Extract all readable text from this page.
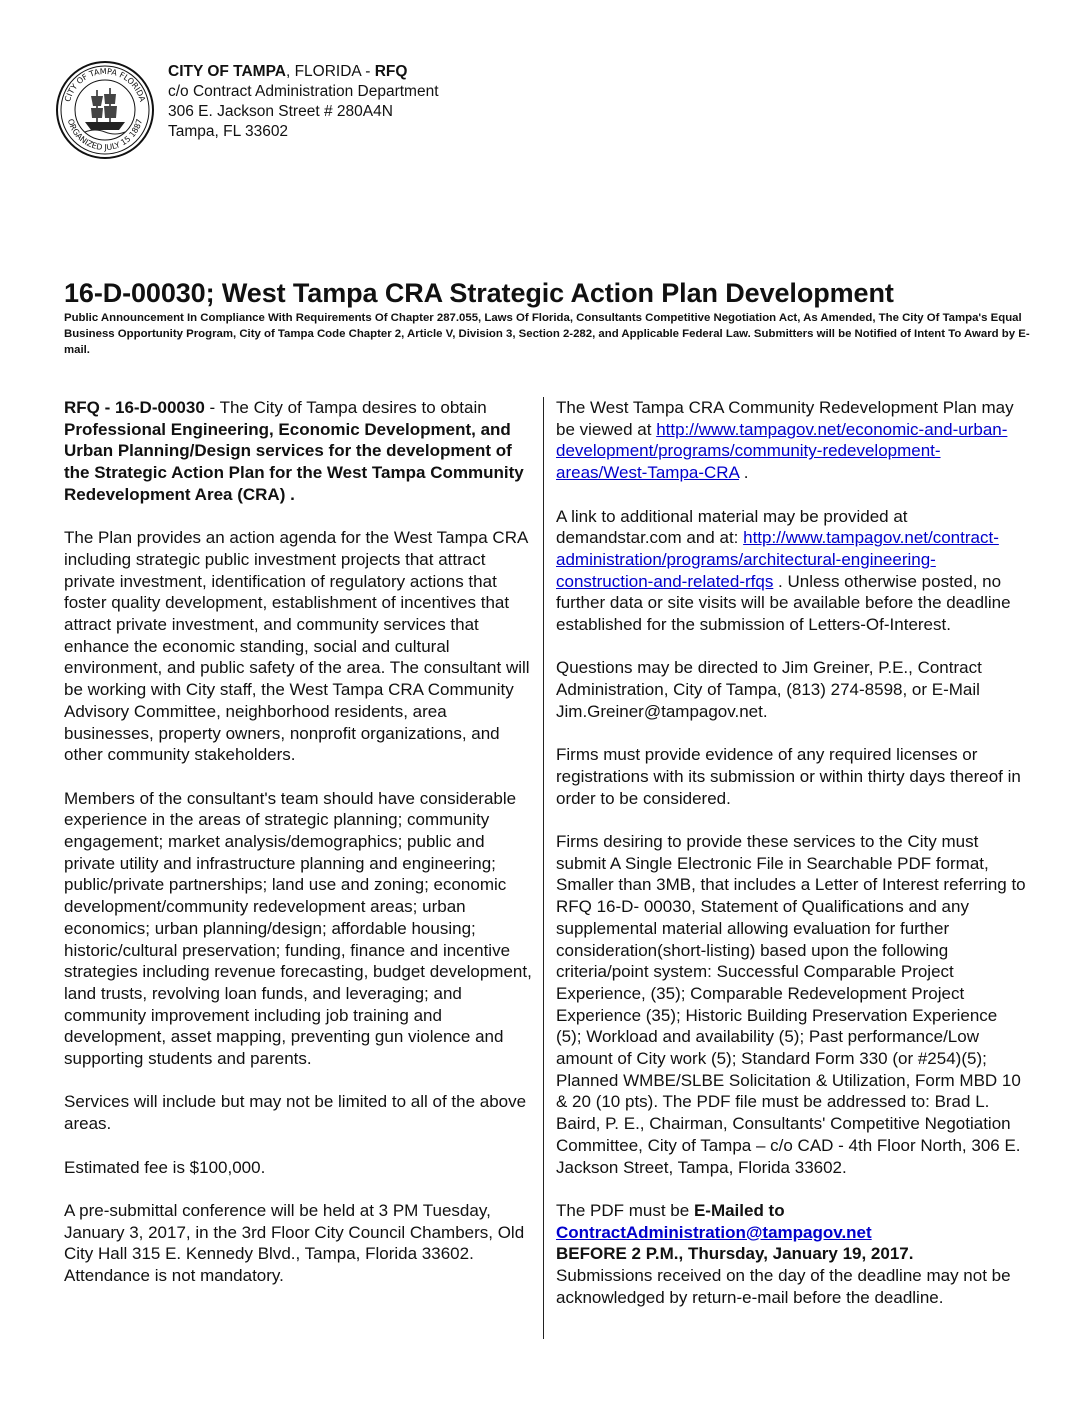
CITY OF TAMPA FLORIDA
ORGANIZED JULY 15 1887
CITY OF TAMPA, FLORIDA - RFQ
c/o Contract Administration Department
306 E. Jackson Street # 280A4N
Tampa, FL 33602
16-D-00030; West Tampa CRA Strategic Action Plan Development
Public Announcement In Compliance With Requirements Of Chapter 287.055, Laws Of Florida, Consultants Competitive Negotiation Act, As Amended, The City Of Tampa's Equal Business Opportunity Program, City of Tampa Code Chapter 2, Article V, Division 3, Section 2-282, and Applicable Federal Law. Submitters will be Notified of Intent To Award by E-mail.

RFQ - 16-D-00030 - The City of Tampa desires to obtain Professional Engineering, Economic Development, and Urban Planning/Design services for the development of the Strategic Action Plan for the West Tampa Community Redevelopment Area (CRA) .

The Plan provides an action agenda for the West Tampa CRA including strategic public investment projects that attract private investment, identification of regulatory actions that foster quality development, establishment of incentives that attract private investment, and community services that enhance the economic standing, social and cultural environment, and public safety of the area. The consultant will be working with City staff, the West Tampa CRA Community Advisory Committee, neighborhood residents, area businesses, property owners, nonprofit organizations, and other community stakeholders.

Members of the consultant's team should have considerable experience in the areas of strategic planning; community engagement; market analysis/demographics; public and private utility and infrastructure planning and engineering; public/private partnerships; land use and zoning; economic development/community redevelopment areas; urban economics; urban planning/design; affordable housing; historic/cultural preservation; funding, finance and incentive strategies including revenue forecasting, budget development, land trusts, revolving loan funds, and leveraging; and community improvement including job training and development, asset mapping, preventing gun violence and supporting students and parents.

Services will include but may not be limited to all of the above areas.

Estimated fee is $100,000.

A pre-submittal conference will be held at 3 PM Tuesday, January 3, 2017, in the 3rd Floor City Council Chambers, Old City Hall 315 E. Kennedy Blvd., Tampa, Florida 33602. Attendance is not mandatory.

The West Tampa CRA Community Redevelopment Plan may be viewed at http://www.tampagov.net/economic-and-urban-development/programs/community-redevelopment-areas/West-Tampa-CRA .

A link to additional material may be provided at demandstar.com and at: http://www.tampagov.net/contract-administration/programs/architectural-engineering-construction-and-related-rfqs . Unless otherwise posted, no further data or site visits will be available before the deadline established for the submission of Letters-Of-Interest.

Questions may be directed to Jim Greiner, P.E., Contract Administration, City of Tampa, (813) 274-8598, or E-Mail Jim.Greiner@tampagov.net.

Firms must provide evidence of any required licenses or registrations with its submission or within thirty days thereof in order to be considered.

Firms desiring to provide these services to the City must submit A Single Electronic File in Searchable PDF format, Smaller than 3MB, that includes a Letter of Interest referring to RFQ 16-D- 00030, Statement of Qualifications and any supplemental material allowing evaluation for further consideration(short-listing) based upon the following criteria/point system: Successful Comparable Project Experience, (35); Comparable Redevelopment Project Experience (35); Historic Building Preservation Experience (5); Workload and availability (5); Past performance/Low amount of City work (5); Standard Form 330 (or #254)(5); Planned WMBE/SLBE Solicitation & Utilization, Form MBD 10 & 20 (10 pts). The PDF file must be addressed to: Brad L. Baird, P. E., Chairman, Consultants' Competitive Negotiation Committee, City of Tampa – c/o CAD - 4th Floor North, 306 E. Jackson Street, Tampa, Florida 33602.

The PDF must be E-Mailed to
ContractAdministration@tampagov.net
BEFORE 2 P.M., Thursday, January 19, 2017.
Submissions received on the day of the deadline may not be acknowledged by return-e-mail before the deadline.
